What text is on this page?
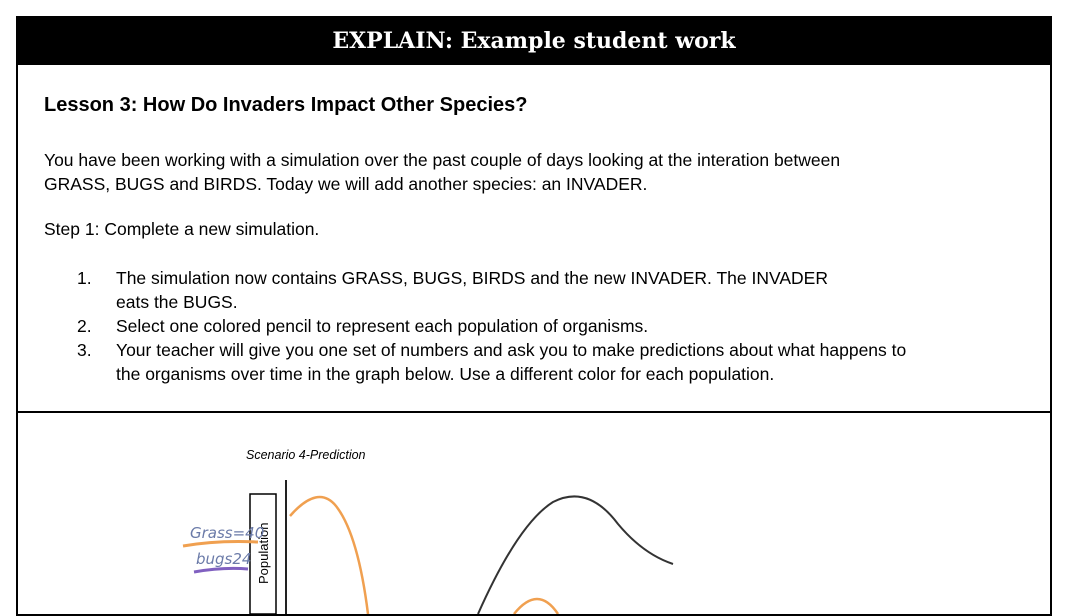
EXPLAIN: Example student work
Lesson 3: How Do Invaders Impact Other Species?

You have been working with a simulation over the past couple of days looking at the interation between
GRASS, BUGS and BIRDS. Today we will add another species: an INVADER.

Step 1: Complete a new simulation.

1. The simulation now contains GRASS, BUGS, BIRDS and the new INVADER. The INVADER
eats the BUGS.
2. Select one colored pencil to represent each population of organisms.
3. Your teacher will give you one set of numbers and ask you to make predictions about what happens to
the organisms over time in the graph below. Use a different color for each population.
Scenario 4-Prediction
Population
Grass=40
bugs24
